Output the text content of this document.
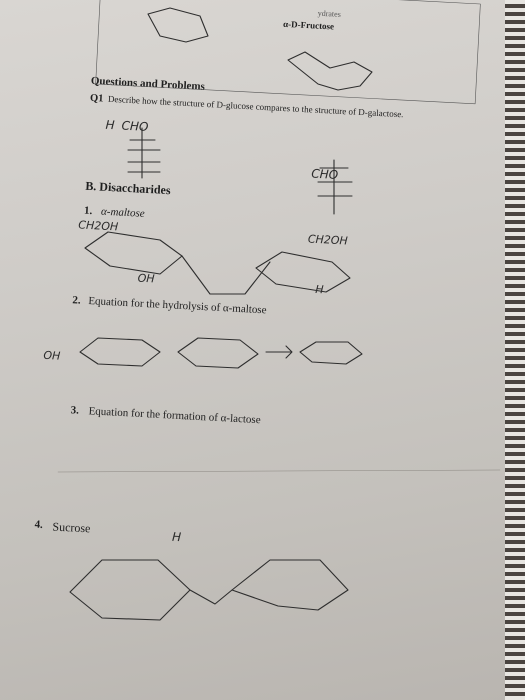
ydrates
α-D-Fructose
Questions and Problems
Q1 Describe how the structure of D-glucose compares to the structure of D-galactose.
B. Disaccharides
1. α-maltose
2. Equation for the hydrolysis of α-maltose
3. Equation for the formation of α-lactose
4. Sucrose
CHO
H
CHO
CH2OH
CH2OH
OH
H
OH
H
